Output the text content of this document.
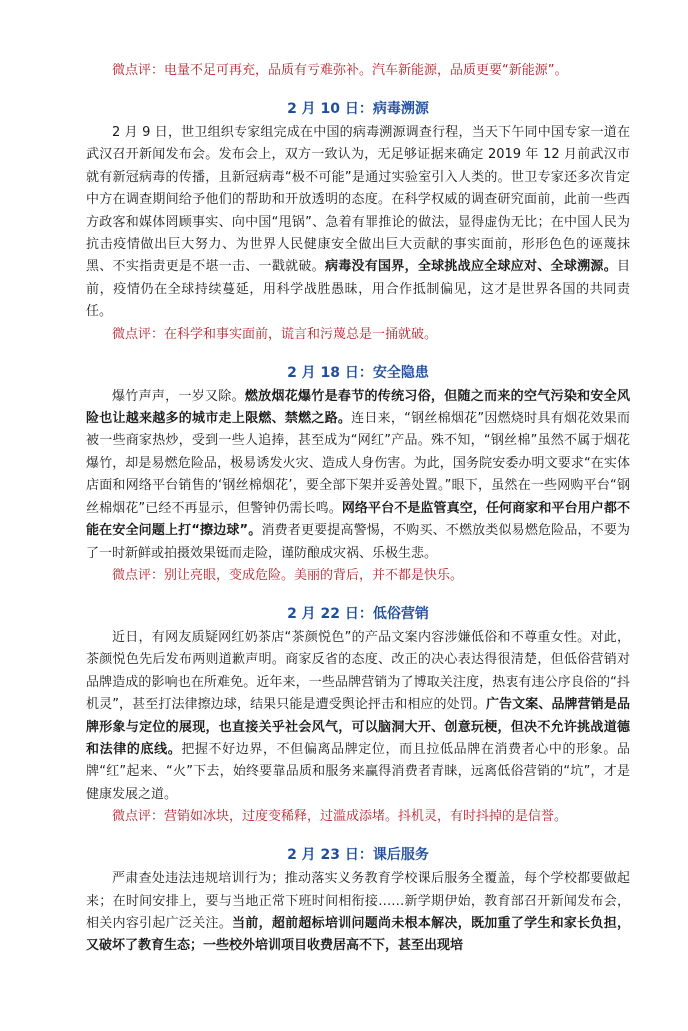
微点评：电量不足可再充，品质有亏难弥补。汽车新能源，品质更要“新能源”。

2 月 10 日：病毒溯源

2 月 9 日，世卫组织专家组完成在中国的病毒溯源调查行程，当天下午同中国专家一道在武汉召开新闻发布会。发布会上，双方一致认为，无足够证据来确定 2019 年 12 月前武汉市就有新冠病毒的传播，且新冠病毒“极不可能”是通过实验室引入人类的。世卫专家还多次肯定中方在调查期间给予他们的帮助和开放透明的态度。在科学权威的调查研究面前，此前一些西方政客和媒体罔顾事实、向中国“甩锅”、急着有罪推论的做法，显得虚伪无比；在中国人民为抗击疫情做出巨大努力、为世界人民健康安全做出巨大贡献的事实面前，形形色色的诬蔑抹黑、不实指责更是不堪一击、一戳就破。病毒没有国界，全球挑战应全球应对、全球溯源。目前，疫情仍在全球持续蔓延，用科学战胜愚昧，用合作抵制偏见，这才是世界各国的共同责任。

微点评：在科学和事实面前，谎言和污蔑总是一捅就破。

2 月 18 日：安全隐患

爆竹声声，一岁又除。燃放烟花爆竹是春节的传统习俗，但随之而来的空气污染和安全风险也让越来越多的城市走上限燃、禁燃之路。连日来，“钢丝棉烟花”因燃烧时具有烟花效果而被一些商家热炒，受到一些人追捧，甚至成为“网红”产品。殊不知，“钢丝棉”虽然不属于烟花爆竹，却是易燃危险品，极易诱发火灾、造成人身伤害。为此，国务院安委办明文要求“在实体店面和网络平台销售的‘钢丝棉烟花’，要全部下架并妥善处置。”眼下，虽然在一些网购平台“钢丝棉烟花”已经不再显示，但警钟仍需长鸣。网络平台不是监管真空，任何商家和平台用户都不能在安全问题上打“擦边球”。消费者更要提高警惕，不购买、不燃放类似易燃危险品，不要为了一时新鲜或拍摄效果铤而走险，谨防酿成灾祸、乐极生悲。

微点评：别让亮眼，变成危险。美丽的背后，并不都是快乐。

2 月 22 日：低俗营销

近日，有网友质疑网红奶茶店“茶颜悦色”的产品文案内容涉嫌低俗和不尊重女性。对此，茶颜悦色先后发布两则道歉声明。商家反省的态度、改正的决心表达得很清楚，但低俗营销对品牌造成的影响也在所难免。近年来，一些品牌营销为了博取关注度，热衷有违公序良俗的“抖机灵”，甚至打法律擦边球，结果只能是遭受舆论抨击和相应的处罚。广告文案、品牌营销是品牌形象与定位的展现，也直接关乎社会风气，可以脑洞大开、创意玩梗，但决不允许挑战道德和法律的底线。把握不好边界，不但偏离品牌定位，而且拉低品牌在消费者心中的形象。品牌“红”起来、“火”下去，始终要靠品质和服务来赢得消费者青睐，远离低俗营销的“坑”，才是健康发展之道。

微点评：营销如冰块，过度变稀释，过滥成添堵。抖机灵，有时抖掉的是信誉。

2 月 23 日：课后服务

严肃查处违法违规培训行为；推动落实义务教育学校课后服务全覆盖，每个学校都要做起来；在时间安排上，要与当地正常下班时间相衔接……新学期伊始，教育部召开新闻发布会，相关内容引起广泛关注。当前，超前超标培训问题尚未根本解决，既加重了学生和家长负担，又破坏了教育生态；一些校外培训项目收费居高不下，甚至出现培
